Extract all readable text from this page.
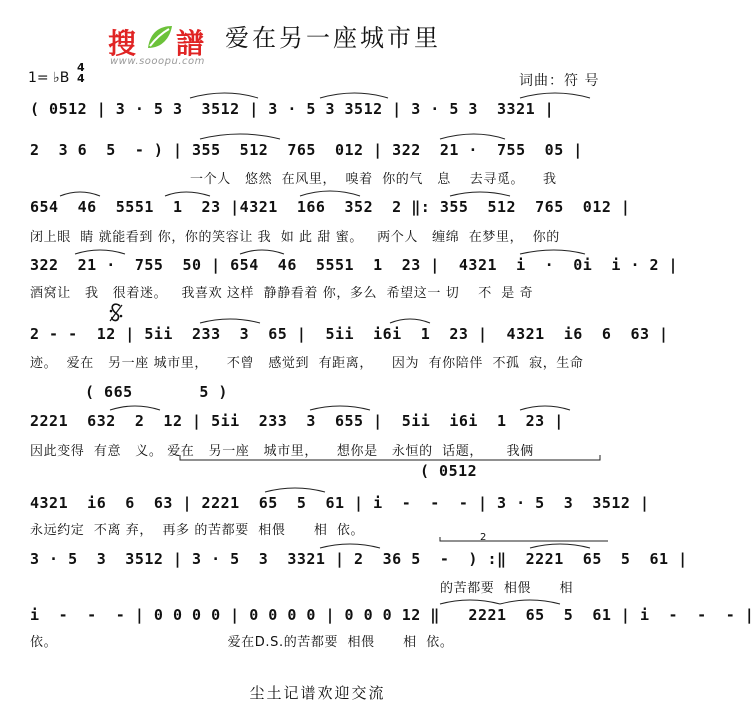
搜 譜
www.sooopu.com
爱在另一座城市里
1= ♭B
4
4	词曲：符 号
( 0512 | 3 · 5 3  3512 | 3 · 5 3 3512 | 3 · 5 3  3321 |
2  3 6  5  - ) | 355  512  765  012 | 322  21 ·  755  05 |
一个人   悠然  在风里，  嗅着  你的气   息    去寻觅。    我
654  46  5551  1  23 |4321  166  352  2 ‖: 355  512  765  012 |
闭上眼  睛 就能看到 你，你的笑容让 我  如 此 甜 蜜。   两个人   缠绵  在梦里，  你的
322  21 ·  755  50 | 654  46  5551  1  23 |  4321  i  ·  0i  i · 2 |
酒窝让   我   很着迷。   我喜欢 这样  静静看着 你，多么  希望这一 切    不  是 奇
2 - -  12 | 5ii  233  3  65 |  5ii  i6i  1  23 |  4321  i6  6  63 |
迹。  爱在   另一座 城市里，    不曾   感觉到  有距离，    因为  有你陪伴  不孤  寂，生命
( 665       5 )
2221  632  2  12 | 5ii  233  3  655 |  5ii  i6i  1  23 |
因此变得  有意   义。 爱在   另一座   城市里，    想你是   永恒的  话题，     我俩
( 0512
4321  i6  6  63 | 2221  65  5  61 | i  -  -  - | 3 · 5  3  3512 |
永远约定  不离 弃，  再多 的苦都要  相偎      相  依。	2
3 · 5  3  3512 | 3 · 5  3  3321 | 2  36 5  -  ) :‖  2221  65  5  61 |
的苦都要  相偎      相
i  -  -  - | 0 0 0 0 | 0 0 0 0 | 0 0 0 12 ‖   2221  65  5  61 | i  -  -  - |
依。                                    爱在D.S.的苦都要  相偎      相  依。
尘土记谱欢迎交流
